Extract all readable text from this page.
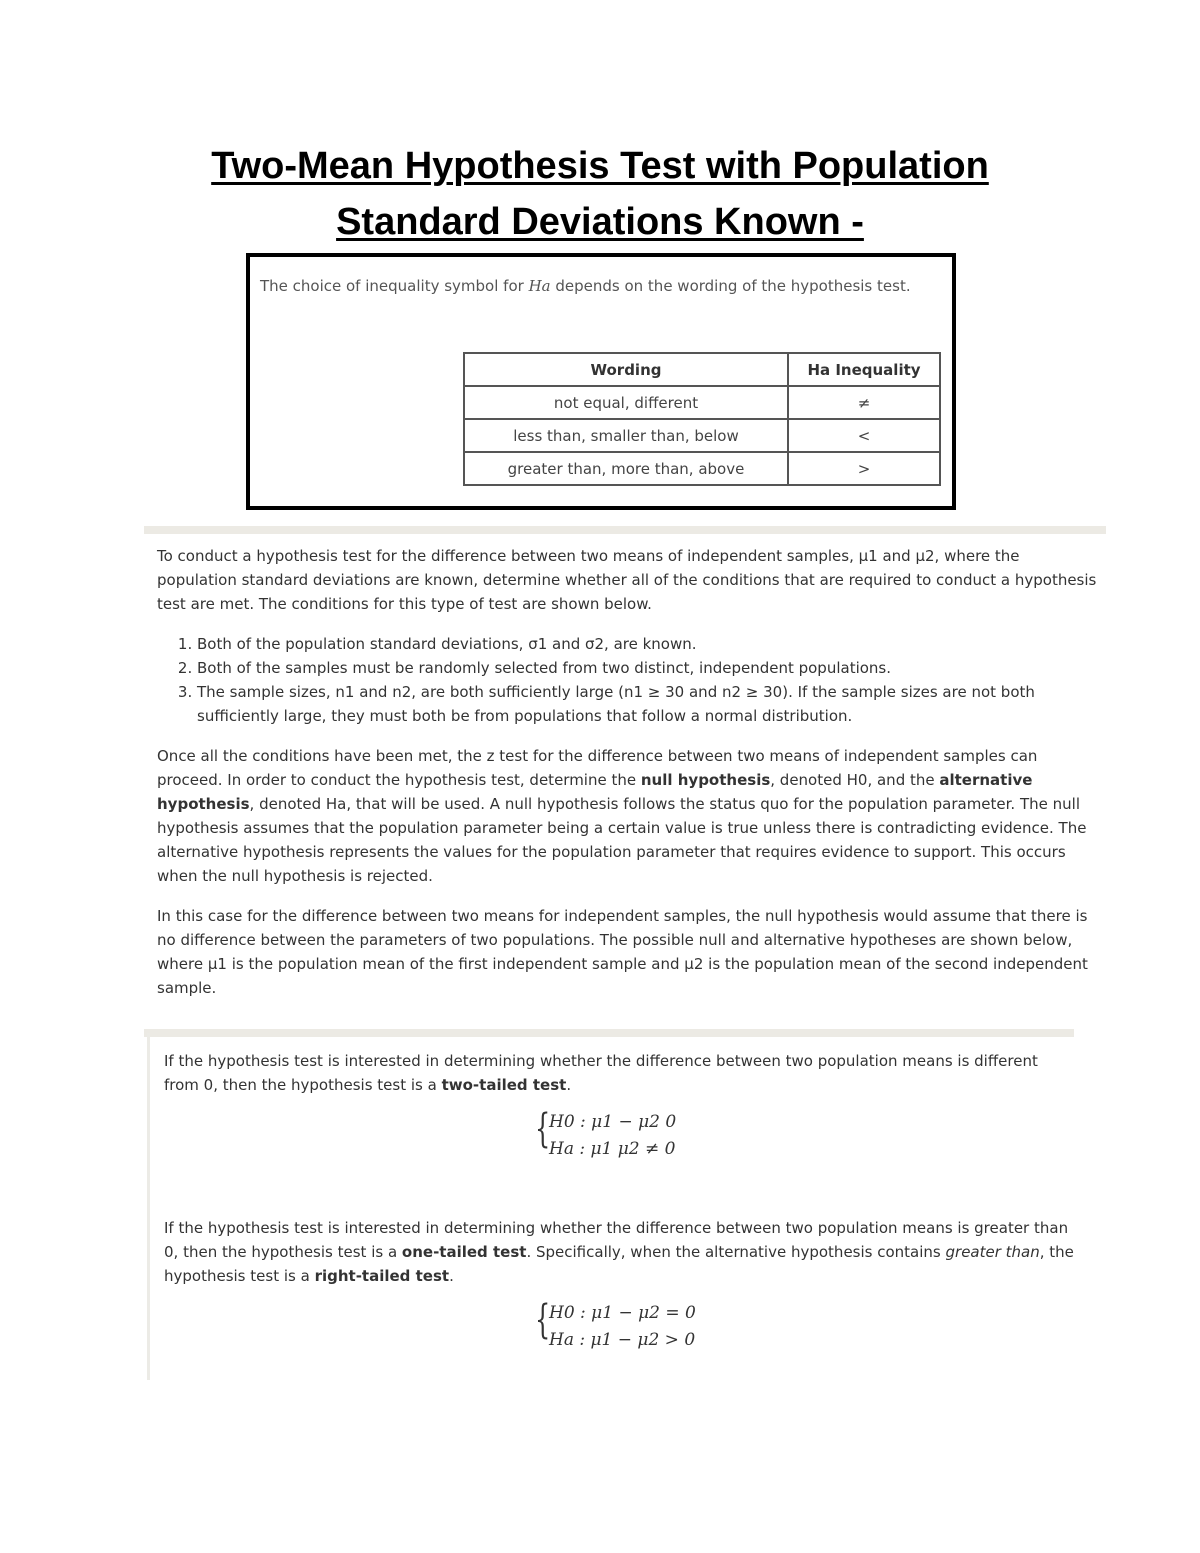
Two-Mean Hypothesis Test with Population Standard Deviations Known -
The choice of inequality symbol for Ha depends on the wording of the hypothesis test.
Wording	Ha Inequality
not equal, different	≠
less than, smaller than, below	<
greater than, more than, above	>

To conduct a hypothesis test for the difference between two means of independent samples, μ1 and μ2, where the population standard deviations are known, determine whether all of the conditions that are required to conduct a hypothesis test are met. The conditions for this type of test are shown below.

1. Both of the population standard deviations, σ1 and σ2, are known.
2. Both of the samples must be randomly selected from two distinct, independent populations.
3. The sample sizes, n1 and n2, are both sufficiently large (n1 ≥ 30 and n2 ≥ 30). If the sample sizes are not both sufficiently large, they must both be from populations that follow a normal distribution.

Once all the conditions have been met, the z test for the difference between two means of independent samples can proceed. In order to conduct the hypothesis test, determine the null hypothesis, denoted H0, and the alternative hypothesis, denoted Ha, that will be used. A null hypothesis follows the status quo for the population parameter. The null hypothesis assumes that the population parameter being a certain value is true unless there is contradicting evidence. The alternative hypothesis represents the values for the population parameter that requires evidence to support. This occurs when the null hypothesis is rejected.

In this case for the difference between two means for independent samples, the null hypothesis would assume that there is no difference between the parameters of two populations. The possible null and alternative hypotheses are shown below, where μ1 is the population mean of the first independent sample and μ2 is the population mean of the second independent sample.

If the hypothesis test is interested in determining whether the difference between two population means is different from 0, then the hypothesis test is a two-tailed test.

{
H0 : μ1 − μ2 0
Ha : μ1 μ2 ≠ 0

If the hypothesis test is interested in determining whether the difference between two population means is greater than 0, then the hypothesis test is a one-tailed test. Specifically, when the alternative hypothesis contains greater than, the hypothesis test is a right-tailed test.

{
H0 : μ1 − μ2 = 0
Ha : μ1 − μ2 > 0
